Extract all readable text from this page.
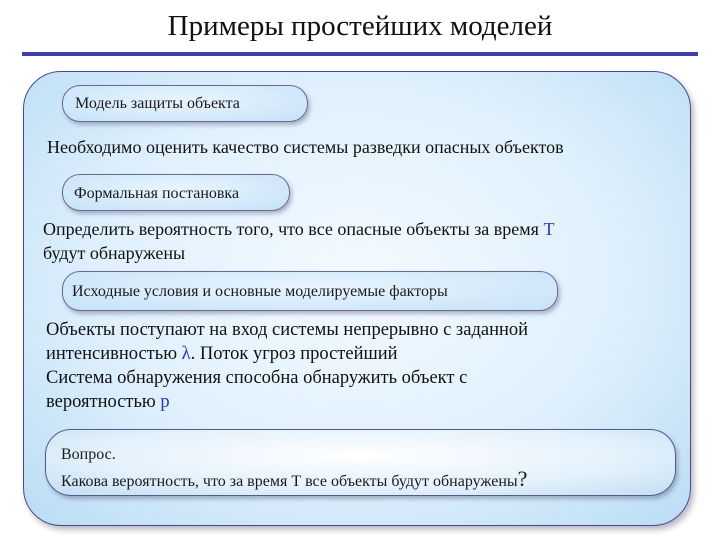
Примеры простейших моделей
Модель защиты объекта
Необходимо оценить качество системы разведки опасных объектов
Формальная постановка
Определить вероятность того, что все опасные объекты за время T
будут обнаружены
Исходные условия и основные моделируемые факторы
Объекты поступают на вход системы непрерывно с заданной
интенсивностью λ. Поток угроз простейший
Система обнаружения способна обнаружить объект с
вероятностью p
Вопрос.
Какова вероятность, что за время Т все объекты будут обнаружены?
